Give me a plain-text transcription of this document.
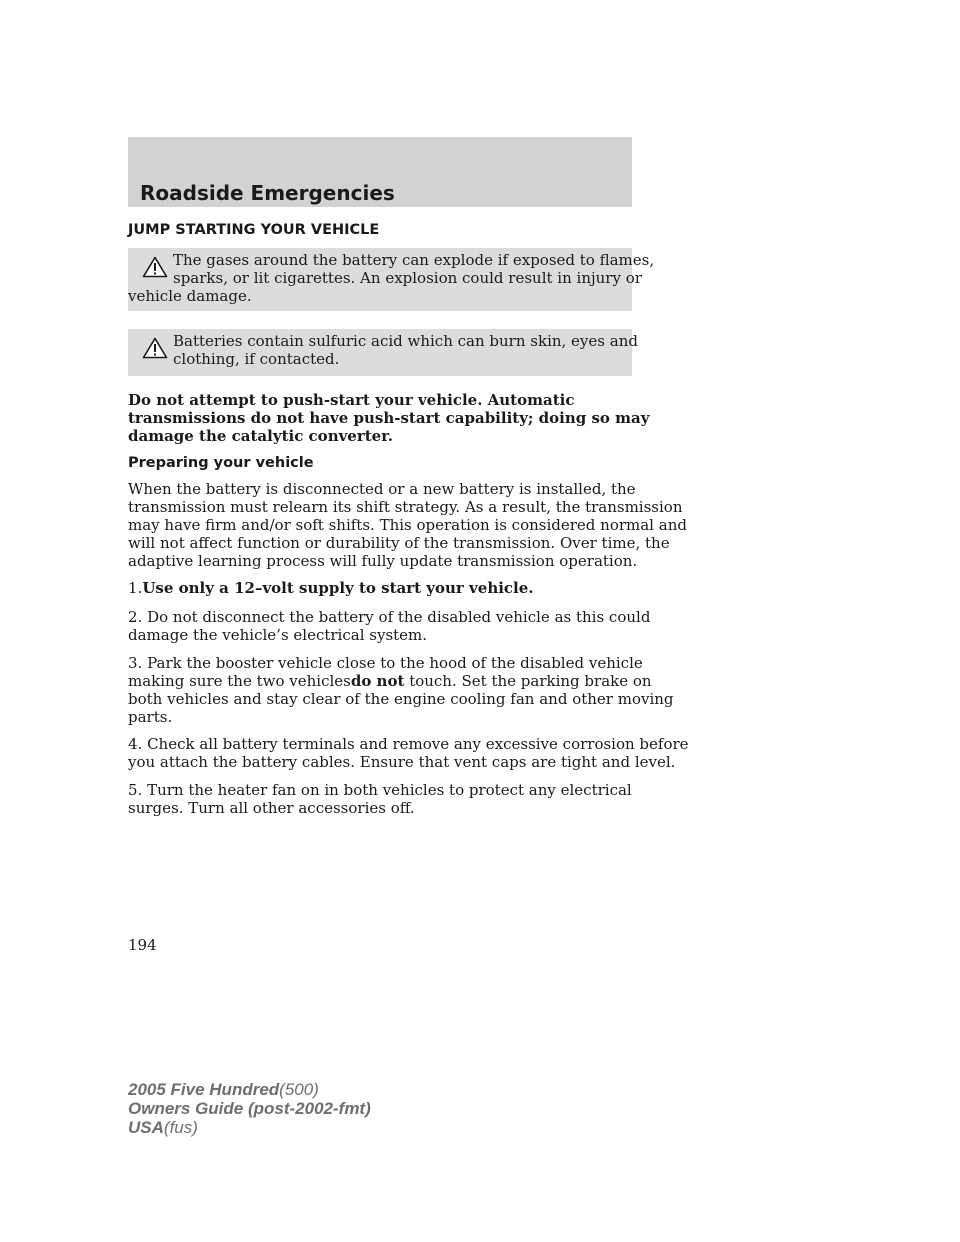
Roadside Emergencies
JUMP STARTING YOUR VEHICLE
The gases around the battery can explode if exposed to flames,
sparks, or lit cigarettes. An explosion could result in injury or
vehicle damage.
Batteries contain sulfuric acid which can burn skin, eyes and
clothing, if contacted.
Do not attempt to push-start your vehicle. Automatic
transmissions do not have push-start capability; doing so may
damage the catalytic converter.
Preparing your vehicle
When the battery is disconnected or a new battery is installed, the
transmission must relearn its shift strategy. As a result, the transmission
may have firm and/or soft shifts. This operation is considered normal and
will not affect function or durability of the transmission. Over time, the
adaptive learning process will fully update transmission operation.
1.Use only a 12–volt supply to start your vehicle.
2. Do not disconnect the battery of the disabled vehicle as this could
damage the vehicle’s electrical system.
3. Park the booster vehicle close to the hood of the disabled vehicle
making sure the two vehiclesdo not touch. Set the parking brake on
both vehicles and stay clear of the engine cooling fan and other moving
parts.
4. Check all battery terminals and remove any excessive corrosion before
you attach the battery cables. Ensure that vent caps are tight and level.
5. Turn the heater fan on in both vehicles to protect any electrical
surges. Turn all other accessories off.
194
2005 Five Hundred(500)
Owners Guide (post-2002-fmt)
USA(fus)
